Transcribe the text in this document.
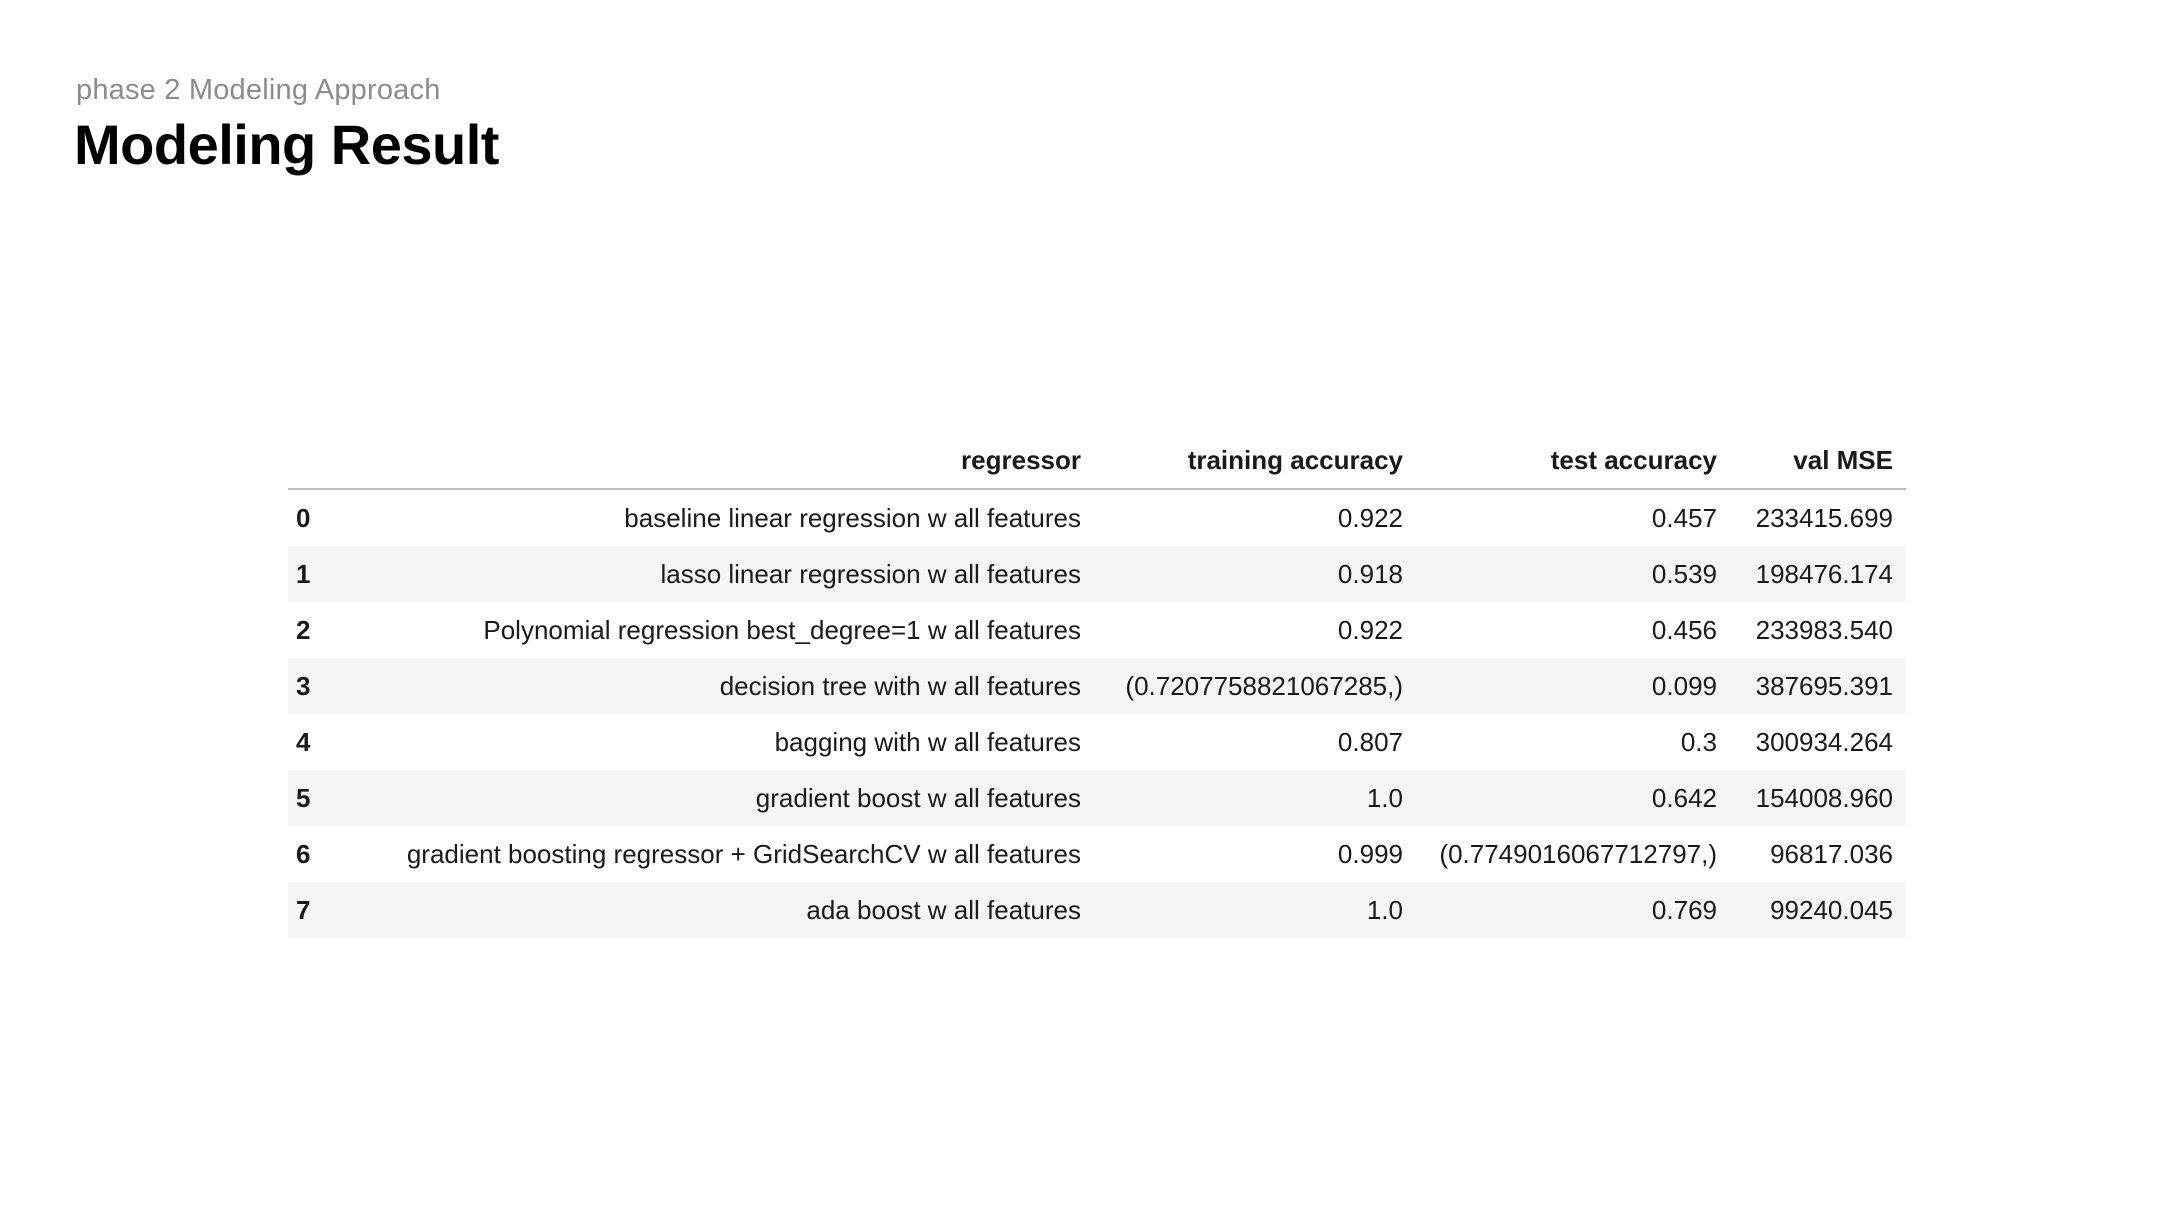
phase 2 Modeling Approach
Modeling Result
	regressor	training accuracy	test accuracy	val MSE
0	baseline linear regression w all features	0.922	0.457	233415.699
1	lasso linear regression w all features	0.918	0.539	198476.174
2	Polynomial regression best_degree=1 w all features	0.922	0.456	233983.540
3	decision tree with w all features	(0.7207758821067285,)	0.099	387695.391
4	bagging with w all features	0.807	0.3	300934.264
5	gradient boost w all features	1.0	0.642	154008.960
6	gradient boosting regressor + GridSearchCV w all features	0.999	(0.7749016067712797,)	96817.036
7	ada boost w all features	1.0	0.769	99240.045
